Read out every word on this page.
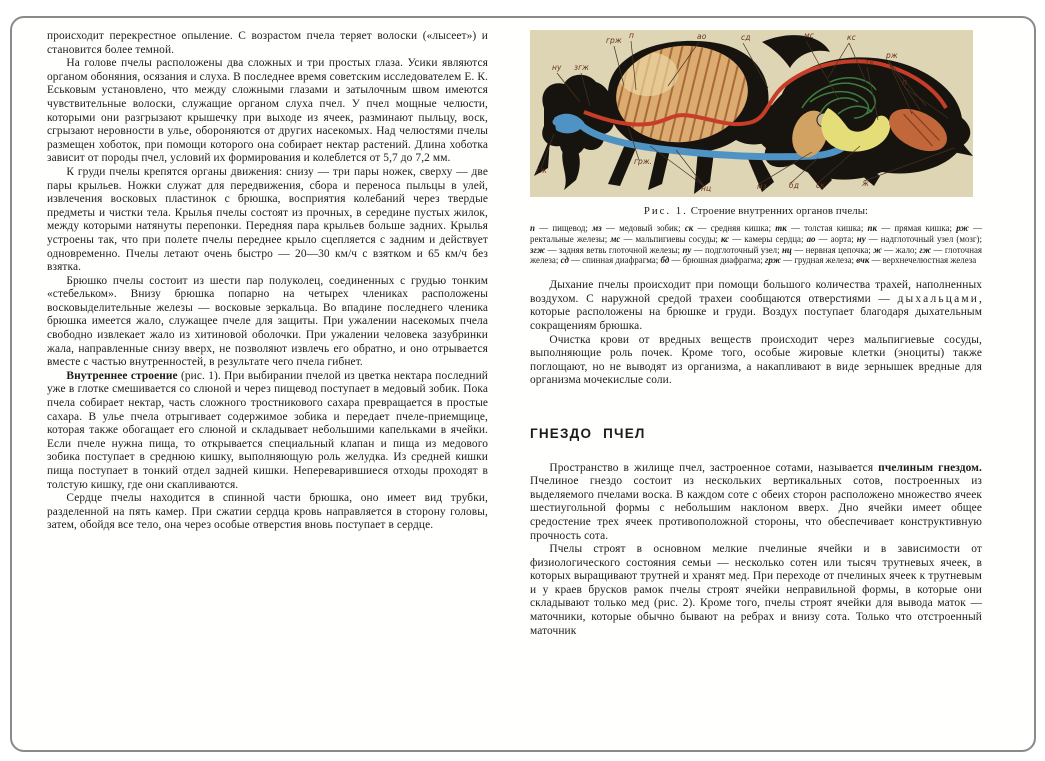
происходит перекрестное опыление. С возрастом пчела теряет волоски («лысеет») и становится более темной.

На голове пчелы расположены два сложных и три простых глаза. Усики являются органом обоняния, осязания и слуха. В последнее время советским исследователем Е. К. Еськовым установлено, что между сложными глазами и затылочным швом имеются чувствительные волоски, служащие органом слуха пчел. У пчел мощные челюсти, которыми они разгрызают крышечку при выходе из ячеек, разминают пыльцу, воск, сгрызают неровности в улье, обороняются от других насекомых. Над челюстями пчелы размещен хоботок, при помощи которого она собирает нектар растений. Длина хоботка зависит от породы пчел, условий их формирования и колеблется от 5,7 до 7,2 мм.

К груди пчелы крепятся органы движения: снизу — три пары ножек, сверху — две пары крыльев. Ножки служат для передвижения, сбора и переноса пыльцы в улей, извлечения восковых пластинок с брюшка, восприятия колебаний через твердые предметы и чистки тела. Крылья пчелы состоят из прочных, в середине пустых жилок, между которыми натянуты перепонки. Передняя пара крыльев больше задних. Крылья устроены так, что при полете пчелы переднее крыло сцепляется с задним и действует одновременно. Пчелы летают очень быстро — 20—30 км/ч с взятком и 65 км/ч без взятка.

Брюшко пчелы состоит из шести пар полуколец, соединенных с грудью тонким «стебельком». Внизу брюшка попарно на четырех члениках расположены восковыделительные железы — восковые зеркальца. Во впадине последнего членика брюшка имеется жало, служащее пчеле для защиты. При ужалении насекомых пчела свободно извлекает жало из хитиновой оболочки. При ужалении человека зазубринки жала, направленные снизу вверх, не позволяют извлечь его обратно, и оно отрывается вместе с частью внутренностей, в результате чего пчела гибнет.

Внутреннее строение (рис. 1). При выбирании пчелой из цветка нектара последний уже в глотке смешивается со слюной и через пищевод поступает в медовый зобик. Пока пчела собирает нектар, часть сложного тростникового сахара превращается в простые сахара. В улье пчела отрыгивает содержимое зобика и передает пчеле-приемщице, которая также обогащает его слюной и складывает небольшими капельками в ячейки. Если пчеле нужна пища, то открывается специальный клапан и пища из медового зобика поступает в среднюю кишку, выполняющую роль желудка. Из средней кишки пища поступает в тонкий отдел задней кишки. Непереварившиеся отходы проходят в толстую кишку, где они скапливаются.

Сердце пчелы находится в спинной части брюшка, оно имеет вид трубки, разделенной на пять камер. При сжатии сердца кровь направляется в сторону головы, затем, обойдя все тело, она через особые отверстия вновь поступает в сердце.

ну згж
грж
п	ао	сд	мс	кс
тк
рж
п
гж
грж.
нц	мз	бд ск	ж
Рис. 1. Строение внутренних органов пчелы:
п — пищевод; мз — медовый зобик; ск — средняя кишка; тк — толстая кишка; пк — прямая кишка; рж — ректальные железы; мс — мальпигиевы сосуды; кс — камеры сердца; ао — аорта; ну — надглоточный узел (мозг); згж — задняя ветвь глоточной железы; пу — подглоточный узел; нц — нервная цепочка; ж — жало; гж — глоточная железа; сд — спинная диафрагма; бд — брюшная диафрагма; грж — грудная железа; вчк — верхнечелюстная железа

Дыхание пчелы происходит при помощи большого количества трахей, наполненных воздухом. С наружной средой трахеи сообщаются отверстиями — дыхальцами, которые расположены на брюшке и груди. Воздух поступает благодаря дыхательным сокращениям брюшка.

Очистка крови от вредных веществ происходит через мальпигиевые сосуды, выполняющие роль почек. Кроме того, особые жировые клетки (эноциты) также поглощают, но не выводят из организма, а накапливают в виде зернышек вредные для организма мочекислые соли.

ГНЕЗДО ПЧЕЛ

Пространство в жилище пчел, застроенное сотами, называется пчелиным гнездом. Пчелиное гнездо состоит из нескольких вертикальных сотов, построенных из выделяемого пчелами воска. В каждом соте с обеих сторон расположено множество ячеек шестиугольной формы с небольшим наклоном вверх. Дно ячейки имеет общее средостение трех ячеек противоположной стороны, что обеспечивает конструктивную прочность сота.

Пчелы строят в основном мелкие пчелиные ячейки и в зависимости от физиологического состояния семьи — несколько сотен или тысяч трутневых ячеек, в которых выращивают трутней и хранят мед. При переходе от пчелиных ячеек к трутневым и у краев брусков рамок пчелы строят ячейки неправильной формы, в которые они складывают только мед (рис. 2). Кроме того, пчелы строят ячейки для вывода маток — маточники, которые обычно бывают на ребрах и внизу сота. Только что отстроенный маточник
